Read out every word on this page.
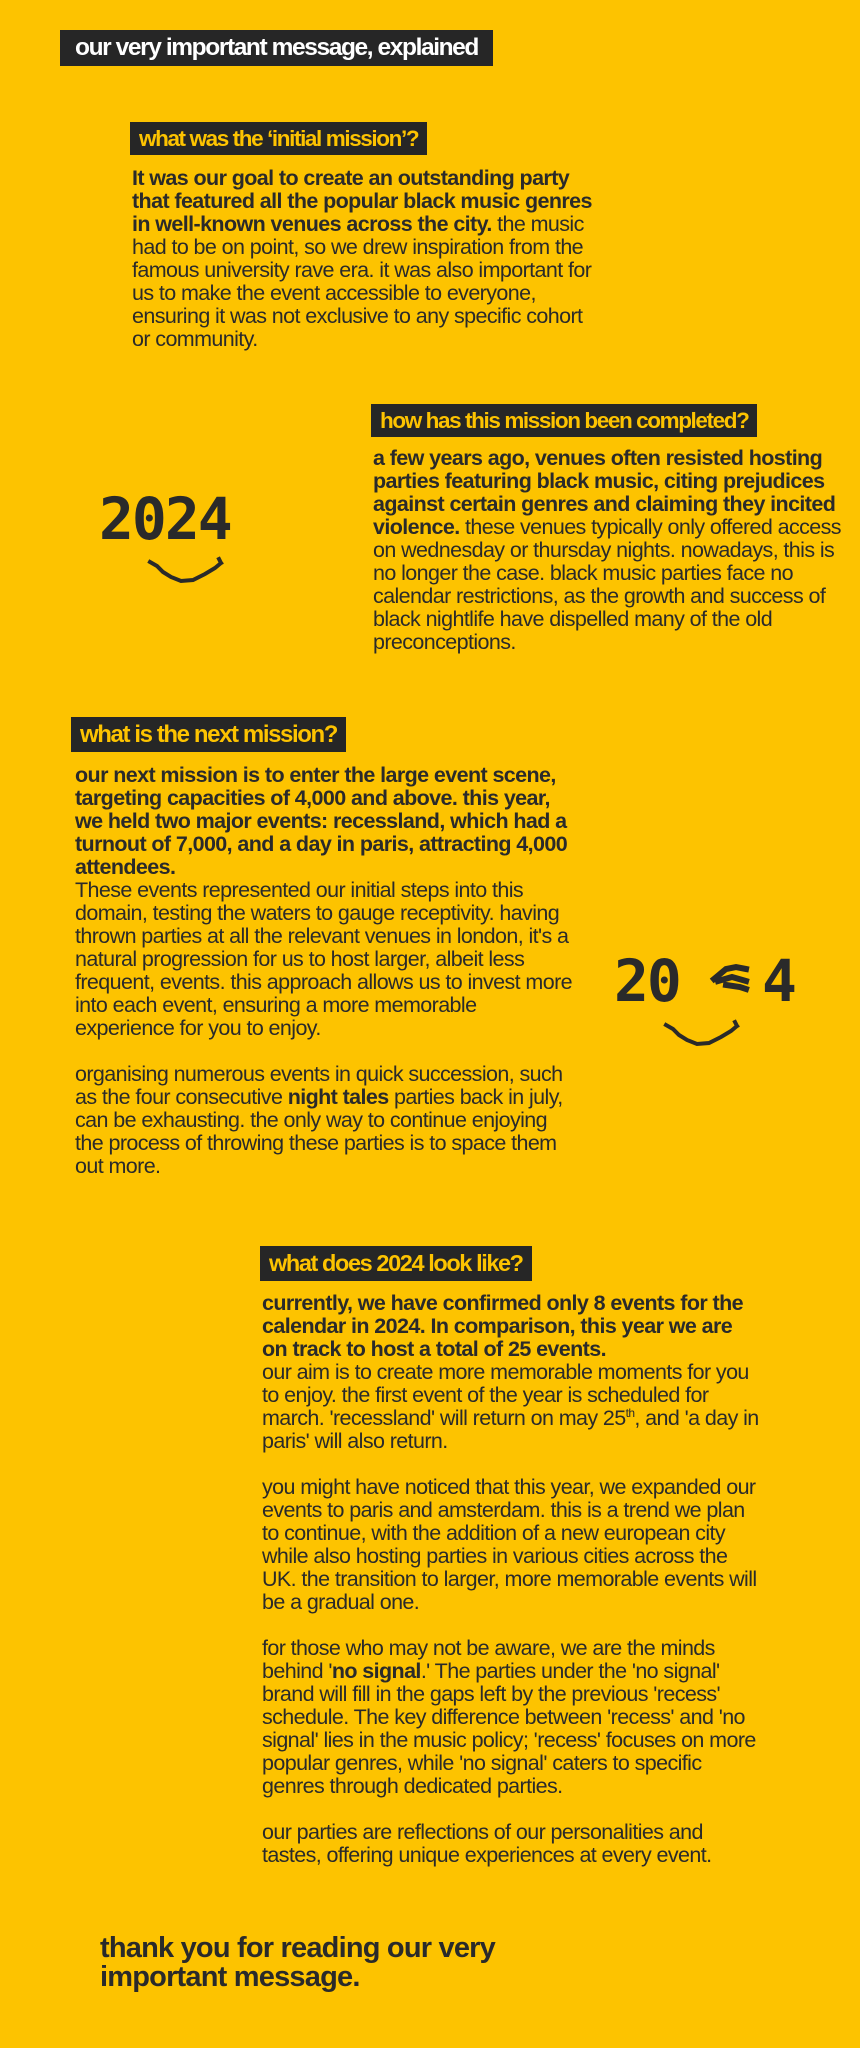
our very important message, explained
what was the ‘initial mission’?

It was our goal to create an outstanding party that featured all the popular black music genres in well-known venues across the city. the music had to be on point, so we drew inspiration from the famous university rave era. it was also important for us to make the event accessible to everyone, ensuring it was not exclusive to any specific cohort or community.

how has this mission been completed?

a few years ago, venues often resisted hosting parties featuring black music, citing prejudices against certain genres and claiming they incited violence. these venues typically only offered access on wednesday or thursday nights. nowadays, this is no longer the case. black music parties face no calendar restrictions, as the growth and success of black nightlife have dispelled many of the old preconceptions.

2024
what is the next mission?

our next mission is to enter the large event scene, targeting capacities of 4,000 and above. this year, we held two major events: recessland, which had a turnout of 7,000, and a day in paris, attracting 4,000 attendees.
These events represented our initial steps into this domain, testing the waters to gauge receptivity. having thrown parties at all the relevant venues in london, it's a natural progression for us to host larger, albeit less frequent, events. this approach allows us to invest more into each event, ensuring a more memorable experience for you to enjoy.

organising numerous events in quick succession, such as the four consecutive night tales parties back in july, can be exhausting. the only way to continue enjoying the process of throwing these parties is to space them out more.

20 4
what does 2024 look like?

currently, we have confirmed only 8 events for the calendar in 2024. In comparison, this year we are on track to host a total of 25 events.
our aim is to create more memorable moments for you to enjoy. the first event of the year is scheduled for march. 'recessland' will return on may 25th, and 'a day in paris' will also return.

you might have noticed that this year, we expanded our events to paris and amsterdam. this is a trend we plan to continue, with the addition of a new european city while also hosting parties in various cities across the UK. the transition to larger, more memorable events will be a gradual one.

for those who may not be aware, we are the minds behind 'no signal.' The parties under the 'no signal' brand will fill in the gaps left by the previous 'recess' schedule. The key difference between 'recess' and 'no signal' lies in the music policy; 'recess' focuses on more popular genres, while 'no signal' caters to specific genres through dedicated parties.

our parties are reflections of our personalities and tastes, offering unique experiences at every event.

thank you for reading our very important message.
